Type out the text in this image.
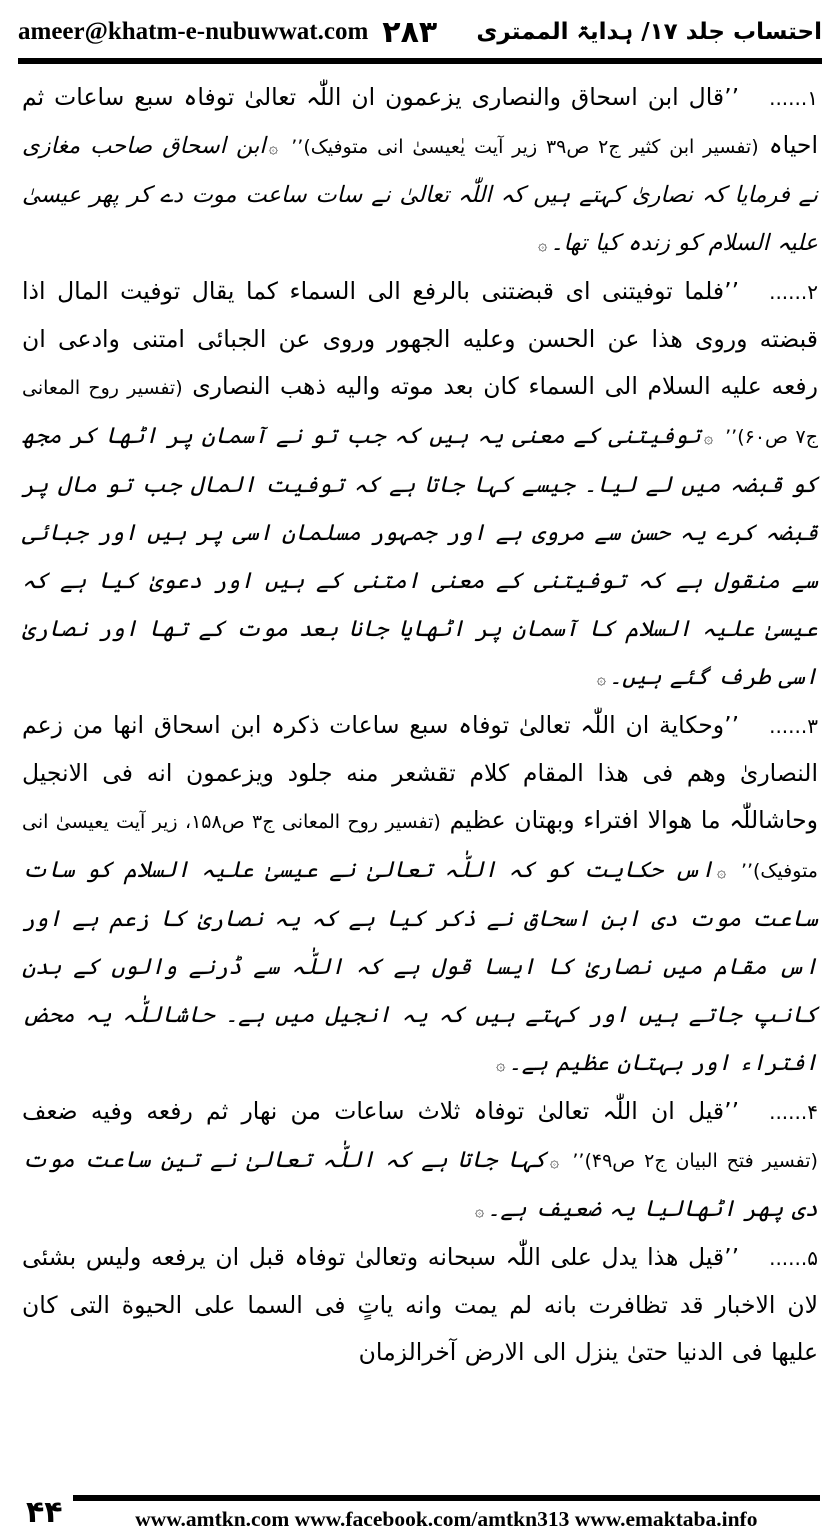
ameer@khatm-e-nubuwwat.com ۲۸۳ احتساب جلد ۱۷/ ہدایۃ الممتری

۱......’’قال ابن اسحاق والنصاری یزعمون ان اللّٰہ تعالیٰ توفاہ سبع ساعات ثم احیاہ (تفسیر ابن کثیر ج۲ ص۳۹ زیر آیت یٰعیسیٰ انی متوفیک)’’ ۞ابن اسحاق صاحب مغازی نے فرمایا کہ نصاریٰ کہتے ہیں کہ اللّٰہ تعالیٰ نے سات ساعت موت دے کر پھر عیسیٰ علیہ السلام کو زندہ کیا تھا۔۞

۲......’’فلما توفیتنی ای قبضتنی بالرفع الی السماء کما یقال توفیت المال اذا قبضته وروی هذا عن الحسن وعلیه الجهور وروی عن الجبائی امتنی وادعی ان رفعه علیه السلام الی السماء کان بعد موته والیه ذهب النصاری (تفسیر روح المعانی ج۷ ص۶۰)’’ ۞توفیتنی کے معنی یہ ہیں کہ جب تو نے آسمان پر اٹھا کر مجھ کو قبضہ میں لے لیا۔ جیسے کہا جاتا ہے کہ توفیت المال جب تو مال پر قبضہ کرے یہ حسن سے مروی ہے اور جمہور مسلمان اسی پر ہیں اور جبائی سے منقول ہے کہ توفیتنی کے معنی امتنی کے ہیں اور دعویٰ کیا ہے کہ عیسیٰ علیہ السلام کا آسمان پر اٹھایا جانا بعد موت کے تھا اور نصاریٰ اسی طرف گئے ہیں۔۞

۳......’’وحکایة ان اللّٰہ تعالیٰ توفاہ سبع ساعات ذکرہ ابن اسحاق انها من زعم النصاریٰ وهم فی هذا المقام کلام تقشعر منه جلود ویزعمون انه فی الانجیل وحاشاللّٰہ ما هوالا افتراء وبهتان عظیم (تفسیر روح المعانی ج۳ ص۱۵۸، زیر آیت یعیسیٰ انی متوفیک)’’ ۞اس حکایت کو کہ اللّٰہ تعالیٰ نے عیسیٰ علیہ السلام کو سات ساعت موت دی ابن اسحاق نے ذکر کیا ہے کہ یہ نصاریٰ کا زعم ہے اور اس مقام میں نصاریٰ کا ایسا قول ہے کہ اللّٰہ سے ڈرنے والوں کے بدن کانپ جاتے ہیں اور کہتے ہیں کہ یہ انجیل میں ہے۔ حاشاللّٰہ یہ محض افتراء اور بہتان عظیم ہے۔۞

۴......’’قیل ان اللّٰہ تعالیٰ توفاہ ثلاث ساعات من نهار ثم رفعه وفیه ضعف (تفسیر فتح البیان ج۲ ص۴۹)’’ ۞کہا جاتا ہے کہ اللّٰہ تعالیٰ نے تین ساعت موت دی پھر اٹھالیا یہ ضعیف ہے۔۞

۵......’’قیل هذا یدل علی اللّٰہ سبحانه وتعالیٰ توفاہ قبل ان یرفعه ولیس بشئی لان الاخبار قد تظافرت بانه لم یمت وانه یاتٍ فی السما علی الحیوة التی کان علیها فی الدنیا حتیٰ ینزل الی الارض آخرالزمان

۴۴	www.amtkn.com www.facebook.com/amtkn313 www.emaktaba.info
